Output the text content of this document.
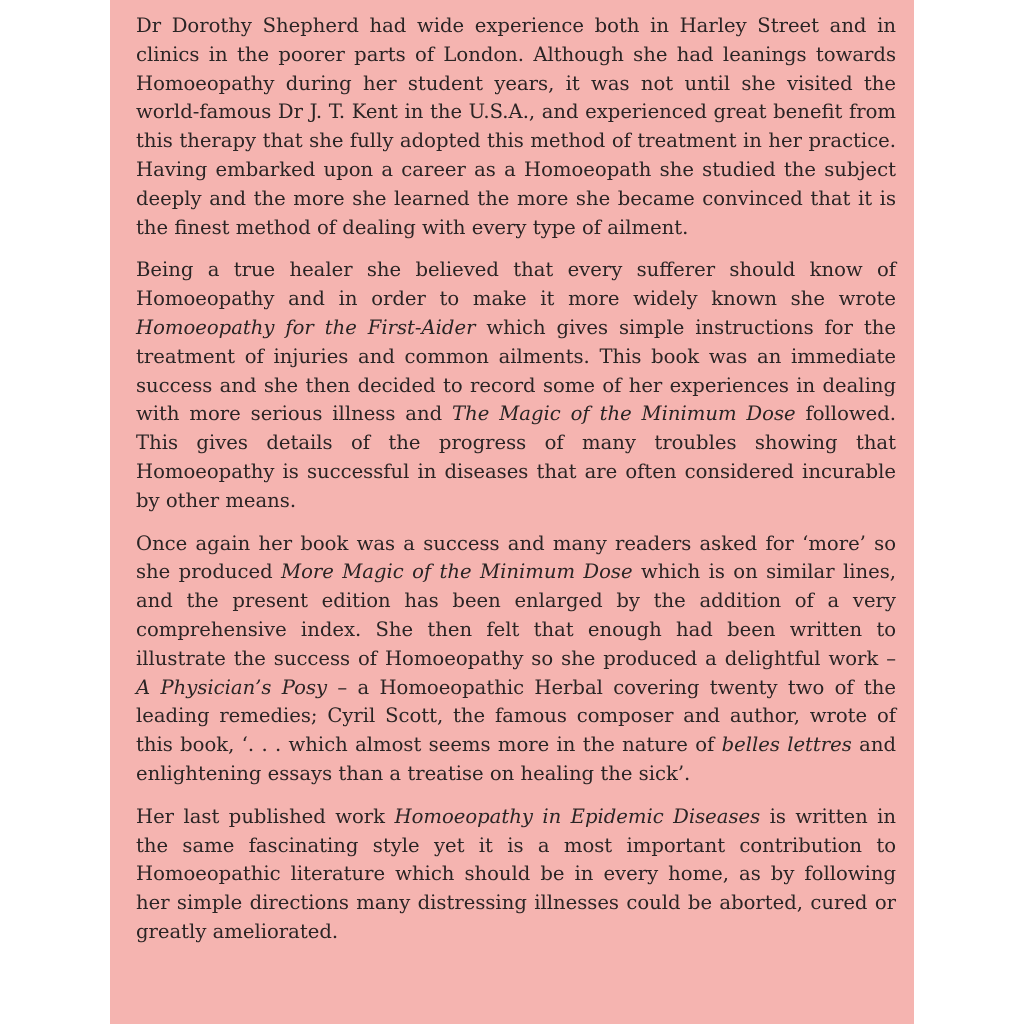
Dr Dorothy Shepherd had wide experience both in Harley Street and in clinics in the poorer parts of London. Although she had leanings towards Homoeopathy during her student years, it was not until she visited the world-famous Dr J. T. Kent in the U.S.A., and experienced great benefit from this therapy that she fully adopted this method of treatment in her practice. Having embarked upon a career as a Homoeopath she studied the subject deeply and the more she learned the more she became convinced that it is the finest method of dealing with every type of ailment.

Being a true healer she believed that every sufferer should know of Homoeopathy and in order to make it more widely known she wrote Homoeopathy for the First-Aider which gives simple instructions for the treatment of injuries and common ailments. This book was an immediate success and she then decided to record some of her experiences in dealing with more serious illness and The Magic of the Minimum Dose followed. This gives details of the progress of many troubles showing that Homoeopathy is successful in diseases that are often considered incurable by other means.

Once again her book was a success and many readers asked for ‘more’ so she produced More Magic of the Minimum Dose which is on similar lines, and the present edition has been enlarged by the addition of a very comprehensive index. She then felt that enough had been written to illustrate the success of Homoeopathy so she produced a delightful work – A Physician’s Posy – a Homoeopathic Herbal covering twenty two of the leading remedies; Cyril Scott, the famous composer and author, wrote of this book, ‘. . . which almost seems more in the nature of belles lettres and enlightening essays than a treatise on healing the sick’.

Her last published work Homoeopathy in Epidemic Diseases is written in the same fascinating style yet it is a most important contribution to Homoeopathic literature which should be in every home, as by following her simple directions many distressing illnesses could be aborted, cured or greatly ameliorated.
